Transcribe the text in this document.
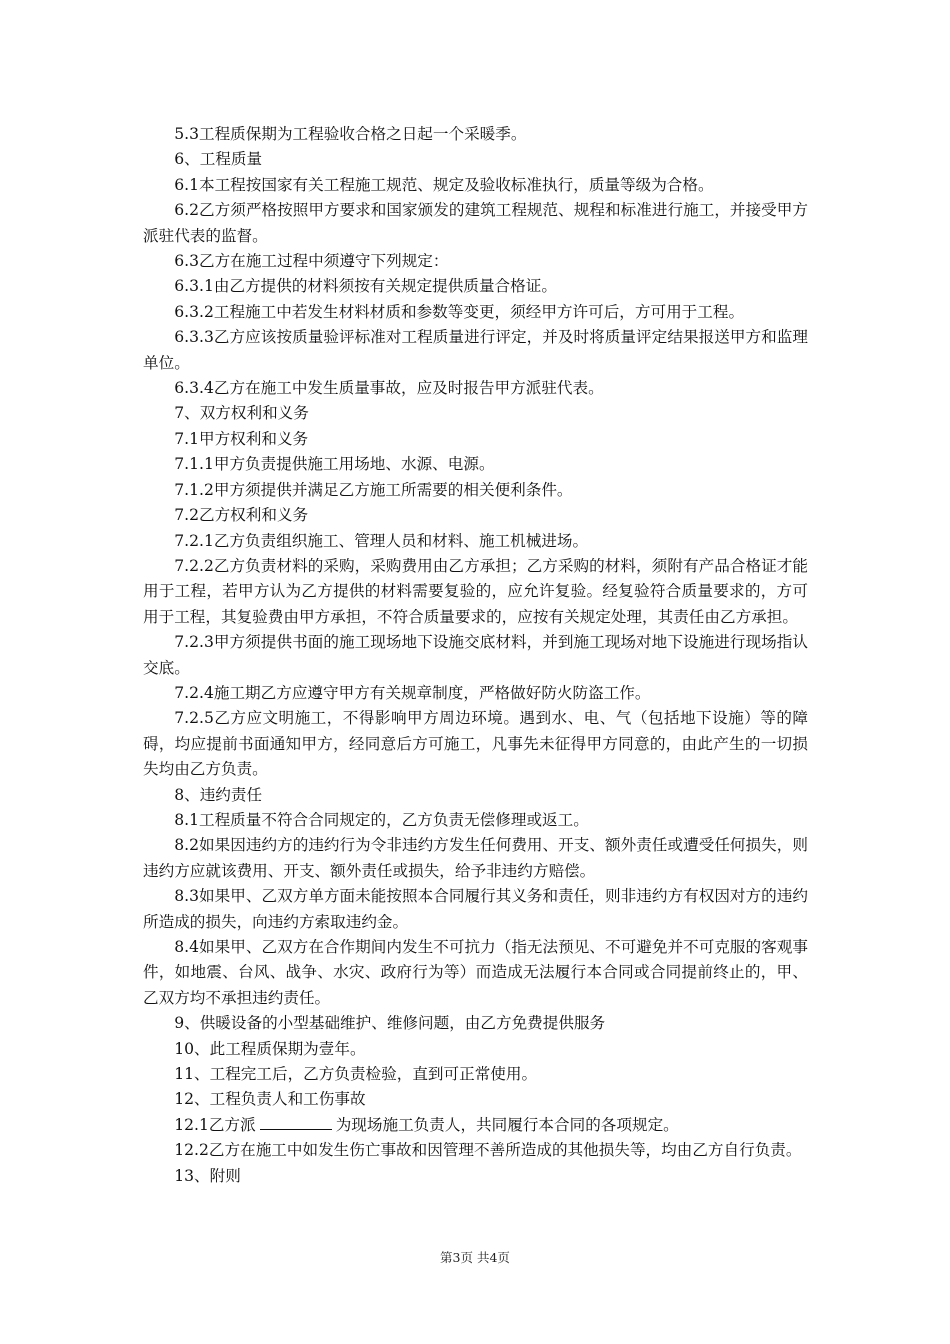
5.3工程质保期为工程验收合格之日起一个采暖季。

6、工程质量

6.1本工程按国家有关工程施工规范、规定及验收标准执行，质量等级为合格。

6.2乙方须严格按照甲方要求和国家颁发的建筑工程规范、规程和标准进行施工，并接受甲方派驻代表的监督。

6.3乙方在施工过程中须遵守下列规定：

6.3.1由乙方提供的材料须按有关规定提供质量合格证。

6.3.2工程施工中若发生材料材质和参数等变更，须经甲方许可后，方可用于工程。

6.3.3乙方应该按质量验评标准对工程质量进行评定，并及时将质量评定结果报送甲方和监理单位。

6.3.4乙方在施工中发生质量事故，应及时报告甲方派驻代表。

7、双方权利和义务

7.1甲方权利和义务

7.1.1甲方负责提供施工用场地、水源、电源。

7.1.2甲方须提供并满足乙方施工所需要的相关便利条件。

7.2乙方权利和义务

7.2.1乙方负责组织施工、管理人员和材料、施工机械进场。

7.2.2乙方负责材料的采购，采购费用由乙方承担；乙方采购的材料，须附有产品合格证才能用于工程，若甲方认为乙方提供的材料需要复验的，应允许复验。经复验符合质量要求的，方可用于工程，其复验费由甲方承担，不符合质量要求的，应按有关规定处理，其责任由乙方承担。

7.2.3甲方须提供书面的施工现场地下设施交底材料，并到施工现场对地下设施进行现场指认交底。

7.2.4施工期乙方应遵守甲方有关规章制度，严格做好防火防盗工作。

7.2.5乙方应文明施工，不得影响甲方周边环境。遇到水、电、气（包括地下设施）等的障碍，均应提前书面通知甲方，经同意后方可施工，凡事先未征得甲方同意的，由此产生的一切损失均由乙方负责。

8、违约责任

8.1工程质量不符合合同规定的，乙方负责无偿修理或返工。

8.2如果因违约方的违约行为令非违约方发生任何费用、开支、额外责任或遭受任何损失，则违约方应就该费用、开支、额外责任或损失，给予非违约方赔偿。

8.3如果甲、乙双方单方面未能按照本合同履行其义务和责任，则非违约方有权因对方的违约所造成的损失，向违约方索取违约金。

8.4如果甲、乙双方在合作期间内发生不可抗力（指无法预见、不可避免并不可克服的客观事件，如地震、台风、战争、水灾、政府行为等）而造成无法履行本合同或合同提前终止的，甲、乙双方均不承担违约责任。

9、供暖设备的小型基础维护、维修问题，由乙方免费提供服务

10、此工程质保期为壹年。

11、工程完工后，乙方负责检验，直到可正常使用。

12、工程负责人和工伤事故

12.1乙方派	为现场施工负责人，共同履行本合同的各项规定。

12.2乙方在施工中如发生伤亡事故和因管理不善所造成的其他损失等，均由乙方自行负责。

13、附则

第3页 共4页
